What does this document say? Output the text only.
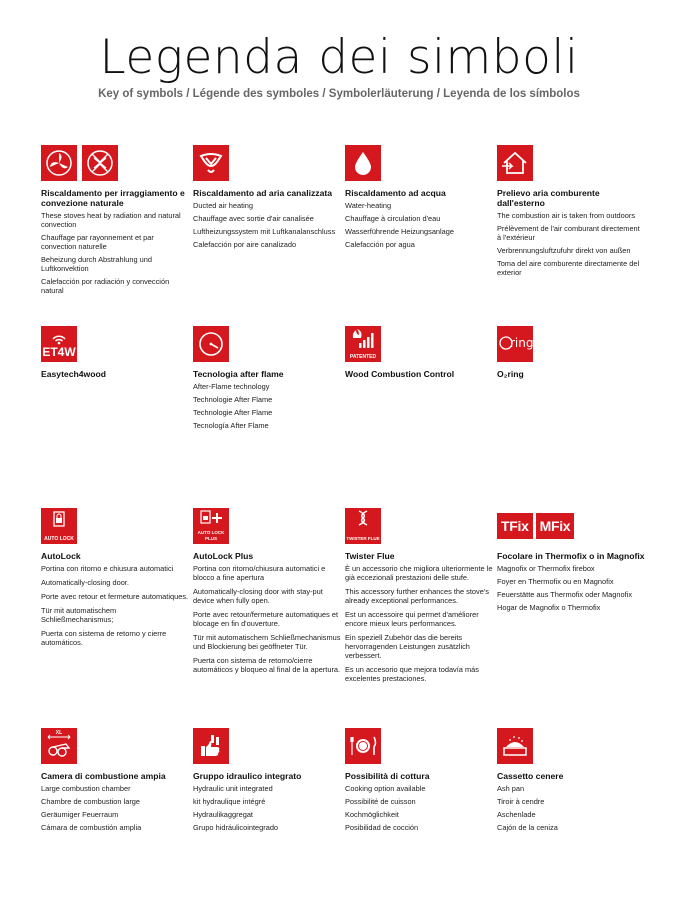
Legenda dei simboli
Key of symbols / Légende des symboles / Symbolerläuterung / Leyenda de los símbolos
Riscaldamento per irraggiamento e convezione naturale
These stoves heat by radiation and natural convection
Chauffage par rayonnement et par convection naturelle
Beheizung durch Abstrahlung und Luftkonvektion
Calefacción por radiación y convección natural
Riscaldamento ad aria canalizzata
Ducted air heating
Chauffage avec sortie d'air canalisée
Luftheizungssystem mit Luftkanalanschluss
Calefacción por aire canalizado
Riscaldamento ad acqua
Water-heating
Chauffage à circulation d'eau
Wasserführende Heizungsanlage
Calefacción por agua
Prelievo aria comburente dall'esterno
The combustion air is taken from outdoors
Prélèvement de l'air comburant directement à l'extérieur
Verbrennungsluftzufuhr direkt von außen
Toma del aire comburente directamente del exterior
ET4W
Easytech4wood	Tecnologia after flame
After-Flame technology
Technologie After Flame
Technologie After Flame
Tecnología After Flame
PATENTED
Wood Combustion Control
ring
O₂ring
AUTO LOCK
AutoLock
Portina con ritorno e chiusura automatici
Automatically-closing door.
Porte avec retour et fermeture automatiques.
Tür mit automatischem Schließmechanismus;
Puerta con sistema de retorno y cierre automáticos.
AUTO LOCK PLUS
AutoLock Plus
Portina con ritorno/chiusura automatici e blocco a fine apertura
Automatically-closing door with stay-put device when fully open.
Porte avec retour/fermeture automatiques et blocage en fin d'ouverture.
Tür mit automatischem Schließmechanismus und Blockierung bei geöffneter Tür.
Puerta con sistema de retorno/cierre automáticos y bloqueo al final de la apertura.
TWISTER FLUE
Twister Flue
È un accessorio che migliora ulteriormente le già eccezionali prestazioni delle stufe.
This accessory further enhances the stove's already exceptional performances.
Est un accessoire qui permet d'améliorer encore mieux leurs performances.
Ein speziell Zubehör das die bereits hervorragenden Leistungen zusätzlich verbessert.
Es un accesorio que mejora todavía más excelentes prestaciones.
TFix MFix
Focolare in Thermofix o in Magnofix
Magnofix or Thermofix firebox
Foyer en Thermofix ou en Magnofix
Feuerstätte aus Thermofix oder Magnofix
Hogar de Magnofix o Thermofix
XL
Camera di combustione ampia
Large combustion chamber
Chambre de combustion large
Geräumiger Feuerraum
Cámara de combustión amplia
Gruppo idraulico integrato
Hydraulic unit integrated
kit hydraulique intégré
Hydraulikaggregat
Grupo hidráulicointegrado
Possibilità di cottura
Cooking option available
Possibilité de cuisson
Kochmöglichkeit
Posibilidad de cocción
Cassetto cenere
Ash pan
Tiroir à cendre
Aschenlade
Cajón de la ceniza
